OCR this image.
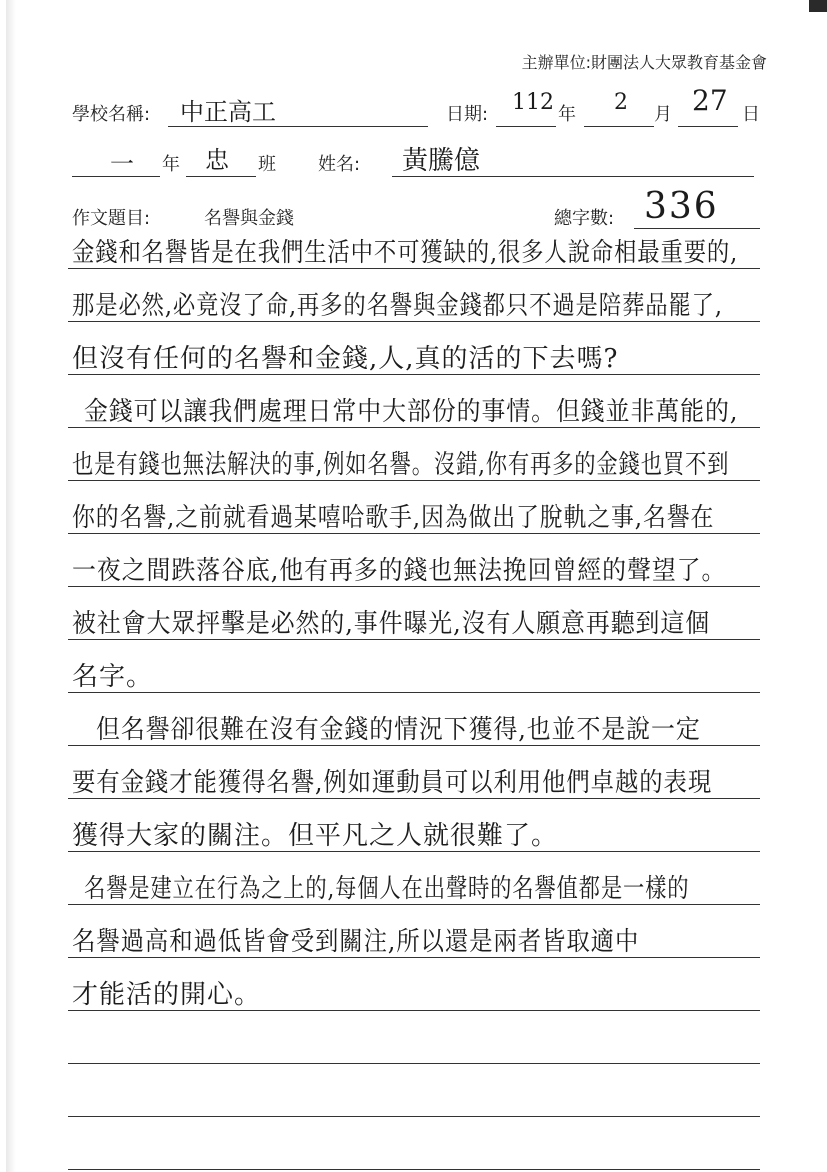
主辦單位:財團法人大眾教育基金會
學校名稱: 中正高工	日期: 112 年 2 月 27 日
一 年 忠 班 姓名: 黃騰億
作文題目:	名譽與金錢	總字數: 336
金錢和名譽皆是在我們生活中不可獲缺的,很多人說命相最重要的,
那是必然,必竟沒了命,再多的名譽與金錢都只不過是陪葬品罷了,
但沒有任何的名譽和金錢,人,真的活的下去嗎?
金錢可以讓我們處理日常中大部份的事情。但錢並非萬能的,
也是有錢也無法解決的事,例如名譽。沒錯,你有再多的金錢也買不到
你的名譽,之前就看過某嘻哈歌手,因為做出了脫軌之事,名譽在
一夜之間跌落谷底,他有再多的錢也無法挽回曾經的聲望了。
被社會大眾抨擊是必然的,事件曝光,沒有人願意再聽到這個
名字。
但名譽卻很難在沒有金錢的情況下獲得,也並不是說一定
要有金錢才能獲得名譽,例如運動員可以利用他們卓越的表現
獲得大家的關注。但平凡之人就很難了。
名譽是建立在行為之上的,每個人在出聲時的名譽值都是一樣的
名譽過高和過低皆會受到關注,所以還是兩者皆取適中
才能活的開心。
